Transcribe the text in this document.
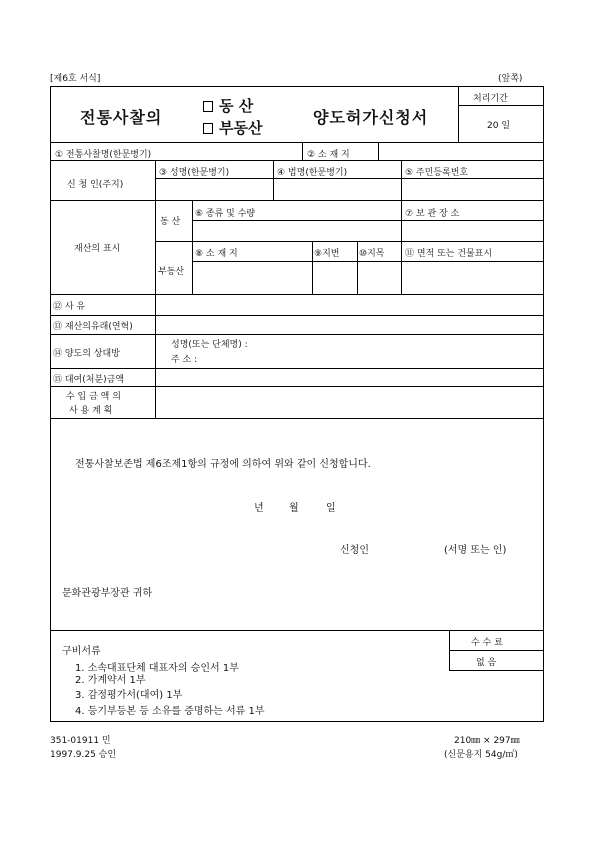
[제6호 서식]	(앞쪽)
전통사찰의
동 산
부동산
양도허가신청서
처리기간
20 일
① 전통사찰명(한문병기)	② 소 재 지
신 청 인(주지)
③ 성명(한문병기)	④ 법명(한문병기)	⑤ 주민등록번호
재산의 표시
동 산
⑥ 종류 및 수량	⑦ 보 관 장 소
부동산
⑧ 소 재 지	⑨지번 ⑩지목 ⑪ 면적 또는 건물표시
⑫ 사 유
⑬ 재산의유래(연혁)
⑭ 양도의 상대방
성명(또는 단체명) :
주 소 :
⑮ 대여(처분)금액
수 입 금 액 의
사 용 계 획
전통사찰보존법 제6조제1항의 규정에 의하여 위와 같이 신청합니다.
년	월	일
신청인	(서명 또는 인)
문화관광부장관 귀하
구비서류
1. 소속대표단체 대표자의 승인서 1부
2. 가계약서 1부
3. 감정평가서(대여) 1부
4. 등기부등본 등 소유를 증명하는 서류 1부
수 수 료
없 음
351-01911 민
1997.9.25 승인
210㎜ × 297㎜
(신문용지 54g/㎡)
